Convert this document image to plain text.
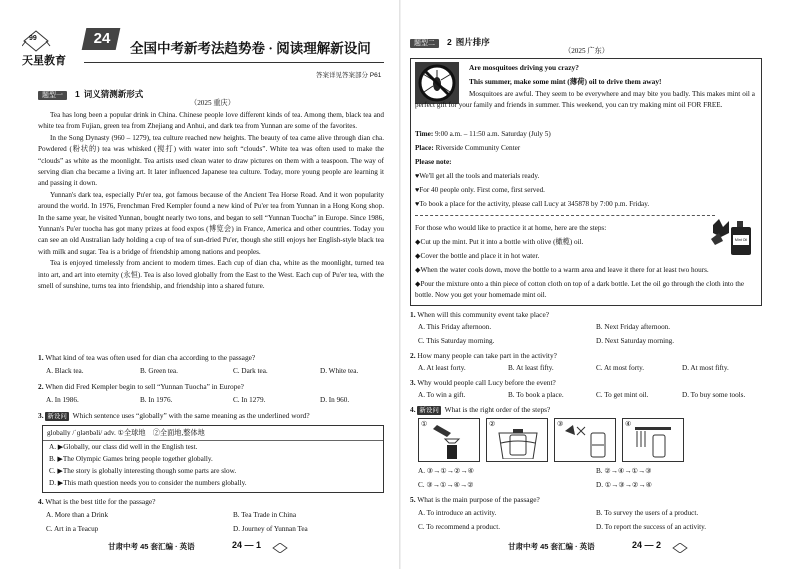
99
天星教育
24
全国中考新考法趋势卷 · 阅读理解新设问
答案详见答案部分 P61
题型一 1 词义猜测新形式
（2025 重庆）
Tea has long been a popular drink in China. Chinese people love different kinds of tea. Among them, black tea and white tea from Fujian, green tea from Zhejiang and Anhui, and dark tea from Yunnan are some of the favorites.
In the Song Dynasty (960 – 1279), tea culture reached new heights. The beauty of tea came alive through dian cha. Powdered (粉状的) tea was whisked (搅打) with water into soft “clouds”. White tea was often used to make the “clouds” as white as the moonlight. Tea artists used clean water to draw pictures on them with a teaspoon. The way of serving dian cha became a living art. It later influenced Japanese tea culture. Today, more young people are learning it and passing it down.
Yunnan's dark tea, especially Pu'er tea, got famous because of the Ancient Tea Horse Road. And it won popularity around the world. In 1976, Frenchman Fred Kempler found a new kind of Pu'er tea from Yunnan in a Hong Kong shop. In the same year, he visited Yunnan, bought nearly two tons, and began to sell “Yunnan Tuocha” in Europe. Since 1986, Yunnan's Pu'er tuocha has got many prizes at food expos (博览会) in France, America and other countries. Today you can see an old Australian lady holding a cup of tea of sun-dried Pu'er, though she still enjoys her English-style black tea with milk and sugar. Tea is a bridge of friendship among nations and peoples.
Tea is enjoyed timelessly from ancient to modern times. Each cup of dian cha, white as the moonlight, turned tea into art, and art into eternity (永恒). Tea is also loved globally from the East to the West. Each cup of Pu'er tea, with the smell of sunshine, turns tea into friendship, and friendship into a shared future.
1. What kind of tea was often used for dian cha according to the passage?
A. Black tea.	B. Green tea.	C. Dark tea.	D. White tea.
2. When did Fred Kempler begin to sell “Yunnan Tuocha” in Europe?
A. In 1986.	B. In 1976.	C. In 1279.	D. In 960.
3. 新设问 Which sentence uses “globally” with the same meaning as the underlined word?
globally /ˈɡləʊbəli/ adv. ①全球地　②全面地,整体地
A. ▶Globally, our class did well in the English test.
B. ▶The Olympic Games bring people together globally.
C. ▶The story is globally interesting though some parts are slow.
D. ▶This math question needs you to consider the numbers globally.
4. What is the best title for the passage?
A. More than a Drink	B. Tea Trade in China
C. Art in a Teacup	D. Journey of Yunnan Tea
甘肃中考 45 套汇编 · 英语	24 — 1
题型二 2 图片排序
（2025 广东）
Are mosquitoes driving you crazy?
This summer, make some mint (薄荷) oil to drive them away!
Mosquitoes are awful. They seem to be everywhere and may bite you badly. This makes mint oil a perfect gift for your family and friends in summer. This weekend, you can try making mint oil FOR FREE.
Time: 9:00 a.m. – 11:50 a.m. Saturday (July 5)
Place: Riverside Community Center
Please note:
♥We'll get all the tools and materials ready.
♥For 40 people only. First come, first served.
♥To book a place for the activity, please call Lucy at 345878 by 7:00 p.m. Friday.
For those who would like to practice it at home, here are the steps:
◆Cut up the mint. Put it into a bottle with olive (橄榄) oil.
◆Cover the bottle and place it in hot water.
◆When the water cools down, move the bottle to a warm area and leave it there for at least two hours.
◆Pour the mixture onto a thin piece of cotton cloth on top of a dark bottle. Let the oil go through the cloth into the bottle. Now you get your homemade mint oil.
Mint Oil
1. When will this community event take place?
A. This Friday afternoon.	B. Next Friday afternoon.
C. This Saturday morning.	D. Next Saturday morning.
2. How many people can take part in the activity?
A. At least forty.	B. At least fifty.	C. At most forty.	D. At most fifty.
3. Why would people call Lucy before the event?
A. To win a gift.	B. To book a place.	C. To get mint oil.	D. To buy some tools.
4. 新设问 What is the right order of the steps?
①	②	③	④
A. ③→①→②→④	B. ②→④→①→③
C. ③→①→④→②	D. ①→③→②→④
5. What is the main purpose of the passage?
A. To introduce an activity.	B. To survey the users of a product.
C. To recommend a product.	D. To report the success of an activity.
甘肃中考 45 套汇编 · 英语	24 — 2
